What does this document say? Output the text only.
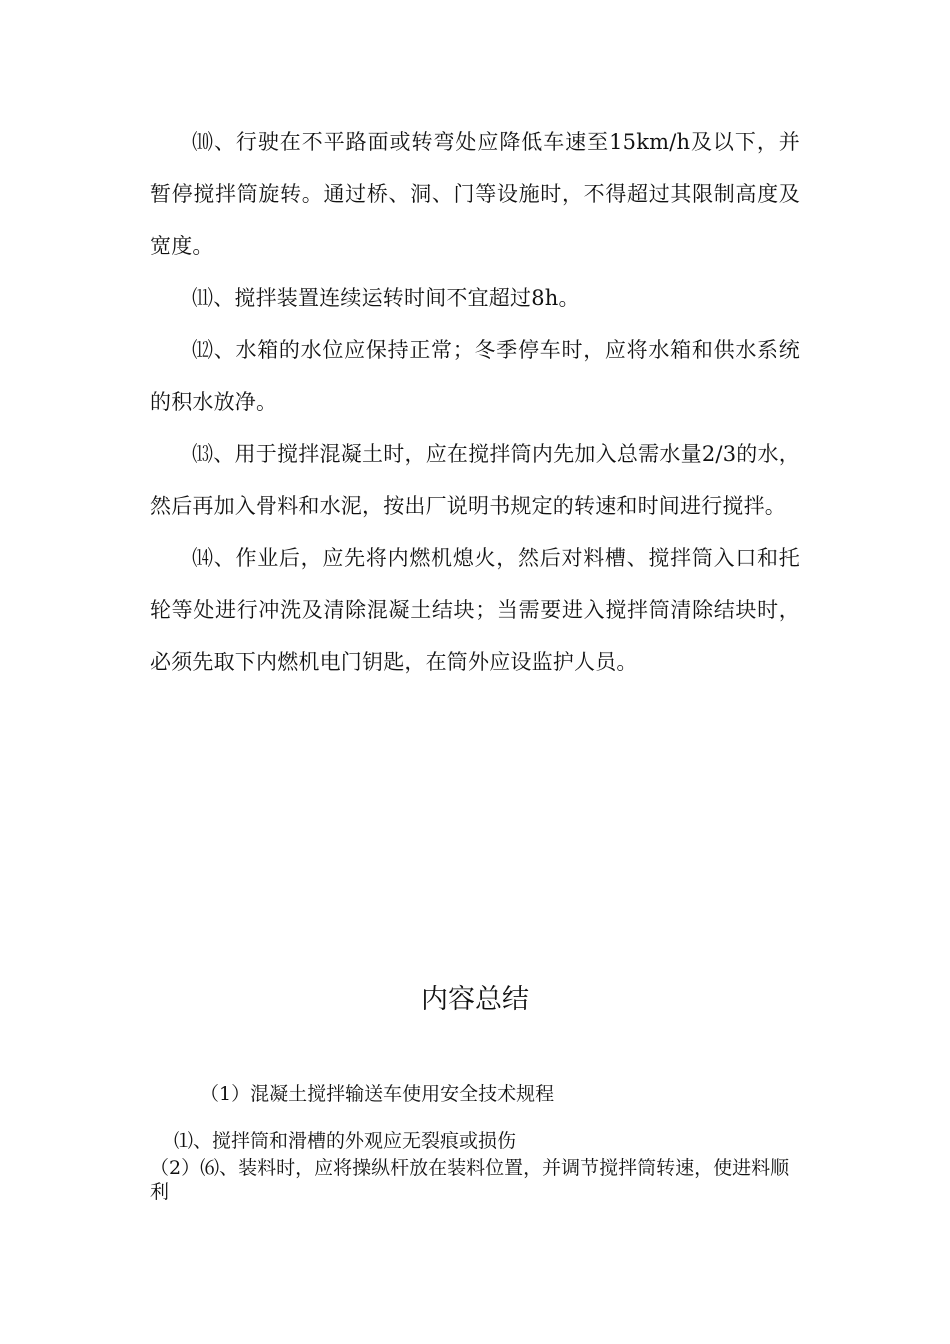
⑽、行驶在不平路面或转弯处应降低车速至15km/h及以下，并暂停搅拌筒旋转。通过桥、洞、门等设施时，不得超过其限制高度及宽度。

⑾、搅拌装置连续运转时间不宜超过8h。

⑿、水箱的水位应保持正常；冬季停车时，应将水箱和供水系统的积水放净。

⒀、用于搅拌混凝土时，应在搅拌筒内先加入总需水量2/3的水，然后再加入骨料和水泥，按出厂说明书规定的转速和时间进行搅拌。

⒁、作业后，应先将内燃机熄火，然后对料槽、搅拌筒入口和托轮等处进行冲洗及清除混凝土结块；当需要进入搅拌筒清除结块时，必须先取下内燃机电门钥匙，在筒外应设监护人员。

内容总结

（1）混凝土搅拌输送车使用安全技术规程

⑴、搅拌筒和滑槽的外观应无裂痕或损伤

（2）⑹、装料时，应将操纵杆放在装料位置，并调节搅拌筒转速，使进料顺利
